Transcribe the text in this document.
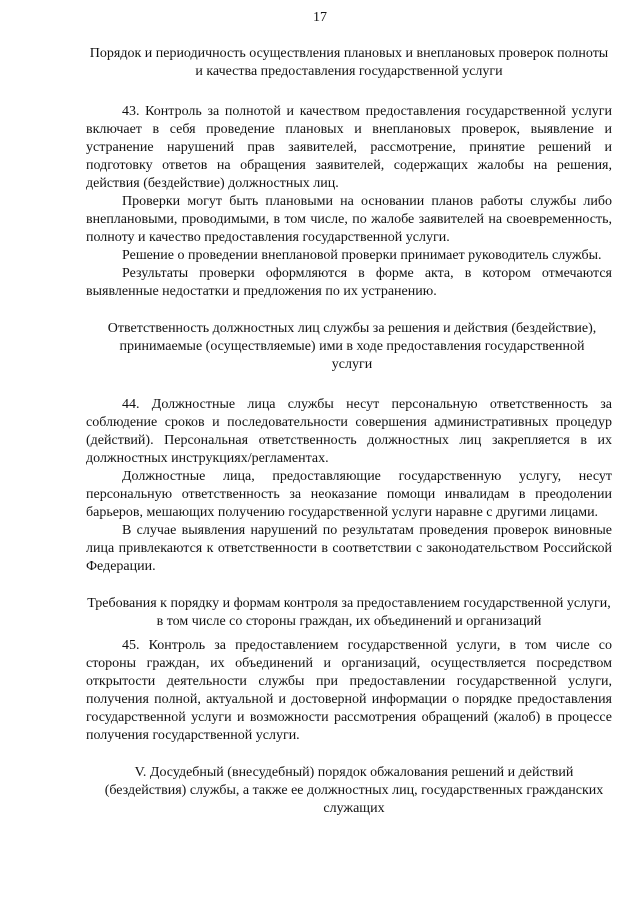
17

Порядок и периодичность осуществления плановых и внеплановых проверок полноты и качества предоставления государственной услуги

43. Контроль за полнотой и качеством предоставления государственной услуги включает в себя проведение плановых и внеплановых проверок, выявление и устранение нарушений прав заявителей, рассмотрение, принятие решений и подготовку ответов на обращения заявителей, содержащих жалобы на решения, действия (бездействие) должностных лиц.

Проверки могут быть плановыми на основании планов работы службы либо внеплановыми, проводимыми, в том числе, по жалобе заявителей на своевременность, полноту и качество предоставления государственной услуги.

Решение о проведении внеплановой проверки принимает руководитель службы.

Результаты проверки оформляются в форме акта, в котором отмечаются выявленные недостатки и предложения по их устранению.

Ответственность должностных лиц службы за решения и действия (бездействие), принимаемые (осуществляемые) ими в ходе предоставления государственной услуги

44. Должностные лица службы несут персональную ответственность за соблюдение сроков и последовательности совершения административных процедур (действий). Персональная ответственность должностных лиц закрепляется в их должностных инструкциях/регламентах.

Должностные лица, предоставляющие государственную услугу, несут персональную ответственность за неоказание помощи инвалидам в преодолении барьеров, мешающих получению государственной услуги наравне с другими лицами.

В случае выявления нарушений по результатам проведения проверок виновные лица привлекаются к ответственности в соответствии с законодательством Российской Федерации.

Требования к порядку и формам контроля за предоставлением государственной услуги, в том числе со стороны граждан, их объединений и организаций

45. Контроль за предоставлением государственной услуги, в том числе со стороны граждан, их объединений и организаций, осуществляется посредством открытости деятельности службы при предоставлении государственной услуги, получения полной, актуальной и достоверной информации о порядке предоставления государственной услуги и возможности рассмотрения обращений (жалоб) в процессе получения государственной услуги.

V. Досудебный (внесудебный) порядок обжалования решений и действий (бездействия) службы, а также ее должностных лиц, государственных гражданских служащих
